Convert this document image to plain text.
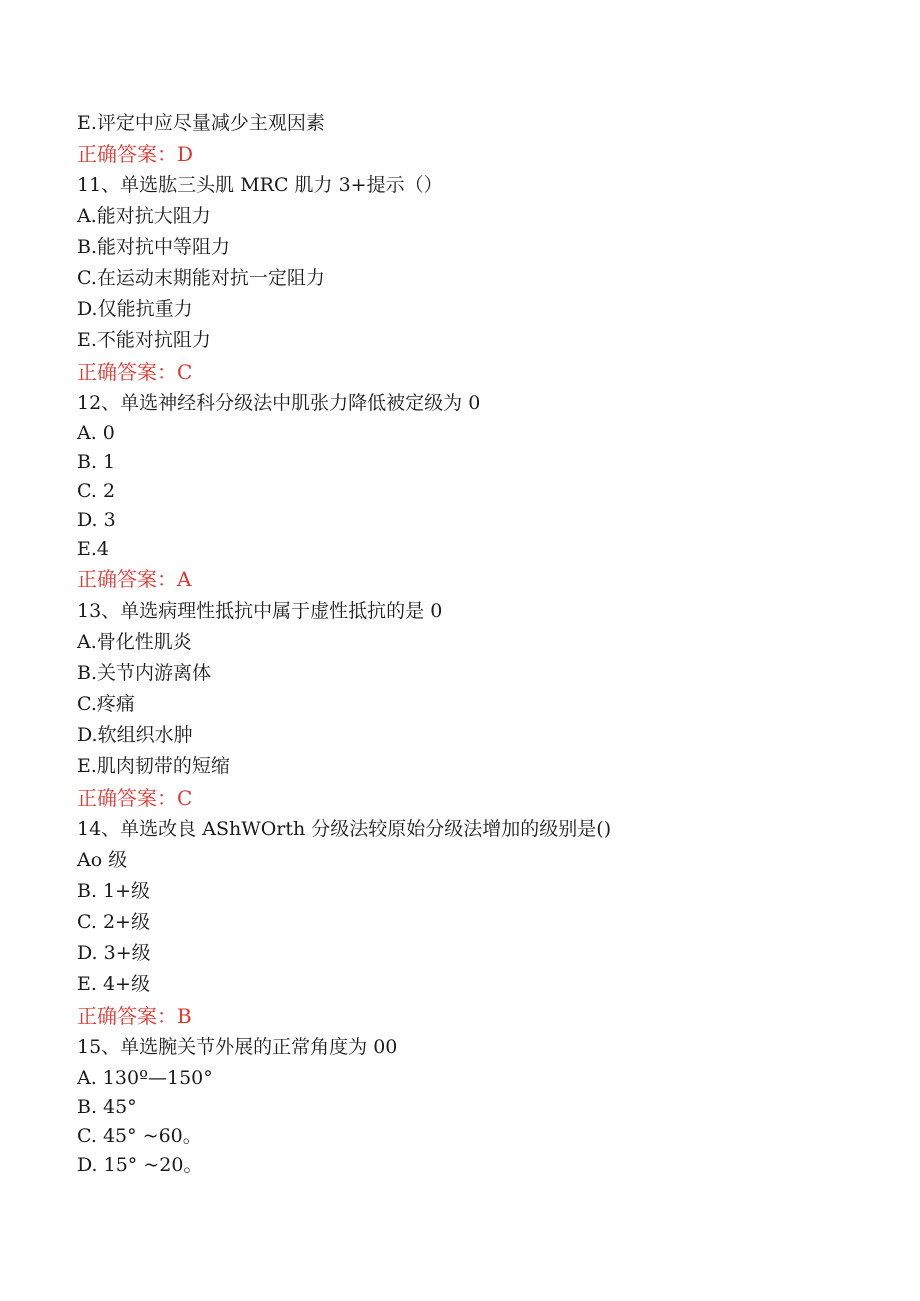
E.评定中应尽量减少主观因素
正确答案：D
11、单选肱三头肌 MRC 肌力 3+提示（）
A.能对抗大阻力
B.能对抗中等阻力
C.在运动末期能对抗一定阻力
D.仅能抗重力
E.不能对抗阻力
正确答案：C
12、单选神经科分级法中肌张力降低被定级为 0
A. 0
B. 1
C. 2
D. 3
E.4
正确答案：A
13、单选病理性抵抗中属于虚性抵抗的是 0
A.骨化性肌炎
B.关节内游离体
C.疼痛
D.软组织水肿
E.肌肉韧带的短缩
正确答案：C
14、单选改良 AShWOrth 分级法较原始分级法增加的级别是()
Ao 级
B. 1+级
C. 2+级
D. 3+级
E. 4+级
正确答案：B
15、单选腕关节外展的正常角度为 00
A. 130º—150°
B. 45°
C. 45° ~60。
D. 15° ~20。
